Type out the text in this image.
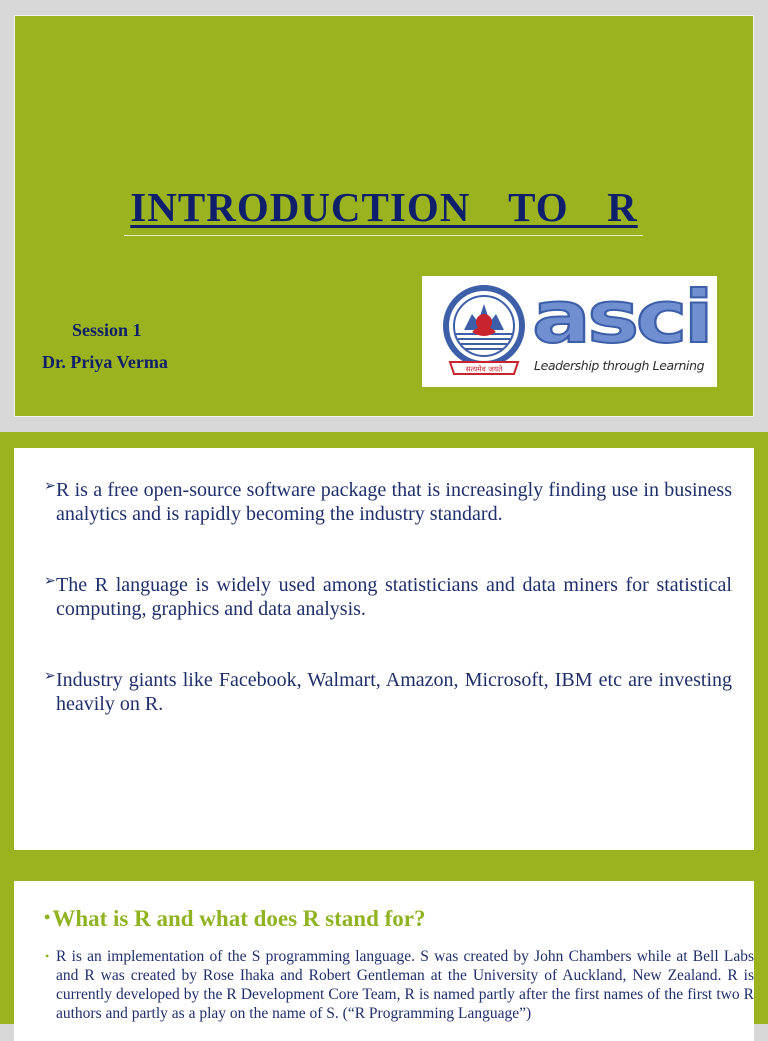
INTRODUCTION  TO  R
Session 1
Dr. Priya Verma	सत्यमेव जयते
asci
Leadership through Learning
➢ R is a free open-source software package that is increasingly finding use in business analytics and is rapidly becoming the industry standard.
➢ The R language is widely used among statisticians and data miners for statistical computing, graphics and data analysis.
➢ Industry giants like Facebook, Walmart, Amazon, Microsoft, IBM etc are investing heavily on R.
•What is R and what does R stand for?
• R is an implementation of the S programming language. S was created by John Chambers while at Bell Labs and R was created by Rose Ihaka and Robert Gentleman at the University of Auckland, New Zealand. R is currently developed by the R Development Core Team, R is named partly after the first names of the first two R authors and partly as a play on the name of S. (“R Programming Language”)
